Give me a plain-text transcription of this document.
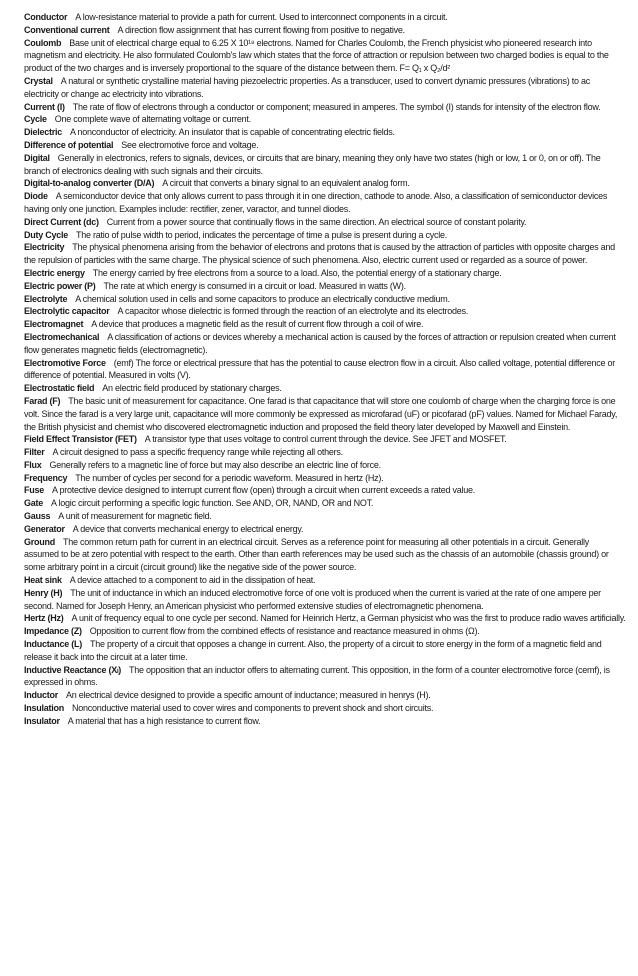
Conductor A low-resistance material to provide a path for current. Used to interconnect components in a circuit.

Conventional current A direction flow assignment that has current flowing from positive to negative.

Coulomb Base unit of electrical charge equal to 6.25 X 10¹⁸ electrons. Named for Charles Coulomb, the French physicist who pioneered research into magnetism and electricity. He also formulated Coulomb's law which states that the force of attraction or repulsion between two charged bodies is equal to the product of the two charges and is inversely proportional to the square of the distance between them. F= Q₁ x Q₂/d²

Crystal A natural or synthetic crystalline material having piezoelectric properties. As a transducer, used to convert dynamic pressures (vibrations) to ac electricity or change ac electricity into vibrations.

Current (I) The rate of flow of electrons through a conductor or component; measured in amperes. The symbol (I) stands for intensity of the electron flow.

Cycle One complete wave of alternating voltage or current.

Dielectric A nonconductor of electricity. An insulator that is capable of concentrating electric fields.

Difference of potential See electromotive force and voltage.

Digital Generally in electronics, refers to signals, devices, or circuits that are binary, meaning they only have two states (high or low, 1 or 0, on or off). The branch of electronics dealing with such signals and their circuits.

Digital-to-analog converter (D/A) A circuit that converts a binary signal to an equivalent analog form.

Diode A semiconductor device that only allows current to pass through it in one direction, cathode to anode. Also, a classification of semiconductor devices having only one junction. Examples include: rectifier, zener, varactor, and tunnel diodes.

Direct Current (dc) Current from a power source that continually flows in the same direction. An electrical source of constant polarity.

Duty Cycle The ratio of pulse width to period, indicates the percentage of time a pulse is present during a cycle.

Electricity The physical phenomena arising from the behavior of electrons and protons that is caused by the attraction of particles with opposite charges and the repulsion of particles with the same charge. The physical science of such phenomena. Also, electric current used or regarded as a source of power.

Electric energy The energy carried by free electrons from a source to a load. Also, the potential energy of a stationary charge.

Electric power (P) The rate at which energy is consumed in a circuit or load. Measured in watts (W).

Electrolyte A chemical solution used in cells and some capacitors to produce an electrically conductive medium.

Electrolytic capacitor A capacitor whose dielectric is formed through the reaction of an electrolyte and its electrodes.

Electromagnet A device that produces a magnetic field as the result of current flow through a coil of wire.

Electromechanical A classification of actions or devices whereby a mechanical action is caused by the forces of attraction or repulsion created when current flow generates magnetic fields (electromagnetic).

Electromotive Force (emf) The force or electrical pressure that has the potential to cause electron flow in a circuit. Also called voltage, potential difference or difference of potential. Measured in volts (V).

Electrostatic field An electric field produced by stationary charges.

Farad (F) The basic unit of measurement for capacitance. One farad is that capacitance that will store one coulomb of charge when the charging force is one volt. Since the farad is a very large unit, capacitance will more commonly be expressed as microfarad (uF) or picofarad (pF) values. Named for Michael Farady, the British physicist and chemist who discovered electromagnetic induction and proposed the field theory later developed by Maxwell and Einstein.

Field Effect Transistor (FET) A transistor type that uses voltage to control current through the device. See JFET and MOSFET.

Filter A circuit designed to pass a specific frequency range while rejecting all others.

Flux Generally refers to a magnetic line of force but may also describe an electric line of force.

Frequency The number of cycles per second for a periodic waveform. Measured in hertz (Hz).

Fuse A protective device designed to interrupt current flow (open) through a circuit when current exceeds a rated value.

Gate A logic circuit performing a specific logic function. See AND, OR, NAND, OR and NOT.

Gauss A unit of measurement for magnetic field.

Generator A device that converts mechanical energy to electrical energy.

Ground The common return path for current in an electrical circuit. Serves as a reference point for measuring all other potentials in a circuit. Generally assumed to be at zero potential with respect to the earth. Other than earth references may be used such as the chassis of an automobile (chassis ground) or some arbitrary point in a circuit (circuit ground) like the negative side of the power source.

Heat sink A device attached to a component to aid in the dissipation of heat.

Henry (H) The unit of inductance in which an induced electromotive force of one volt is produced when the current is varied at the rate of one ampere per second. Named for Joseph Henry, an American physicist who performed extensive studies of electromagnetic phenomena.

Hertz (Hz) A unit of frequency equal to one cycle per second. Named for Heinrich Hertz, a German physicist who was the first to produce radio waves artificially.

Impedance (Z) Opposition to current flow from the combined effects of resistance and reactance measured in ohms (Ω).

Inductance (L) The property of a circuit that opposes a change in current. Also, the property of a circuit to store energy in the form of a magnetic field and release it back into the circuit at a later time.

Inductive Reactance (Xₗ) The opposition that an inductor offers to alternating current. This opposition, in the form of a counter electromotive force (cemf), is expressed in ohms.

Inductor An electrical device designed to provide a specific amount of inductance; measured in henrys (H).

Insulation Nonconductive material used to cover wires and components to prevent shock and short circuits.

Insulator A material that has a high resistance to current flow.
